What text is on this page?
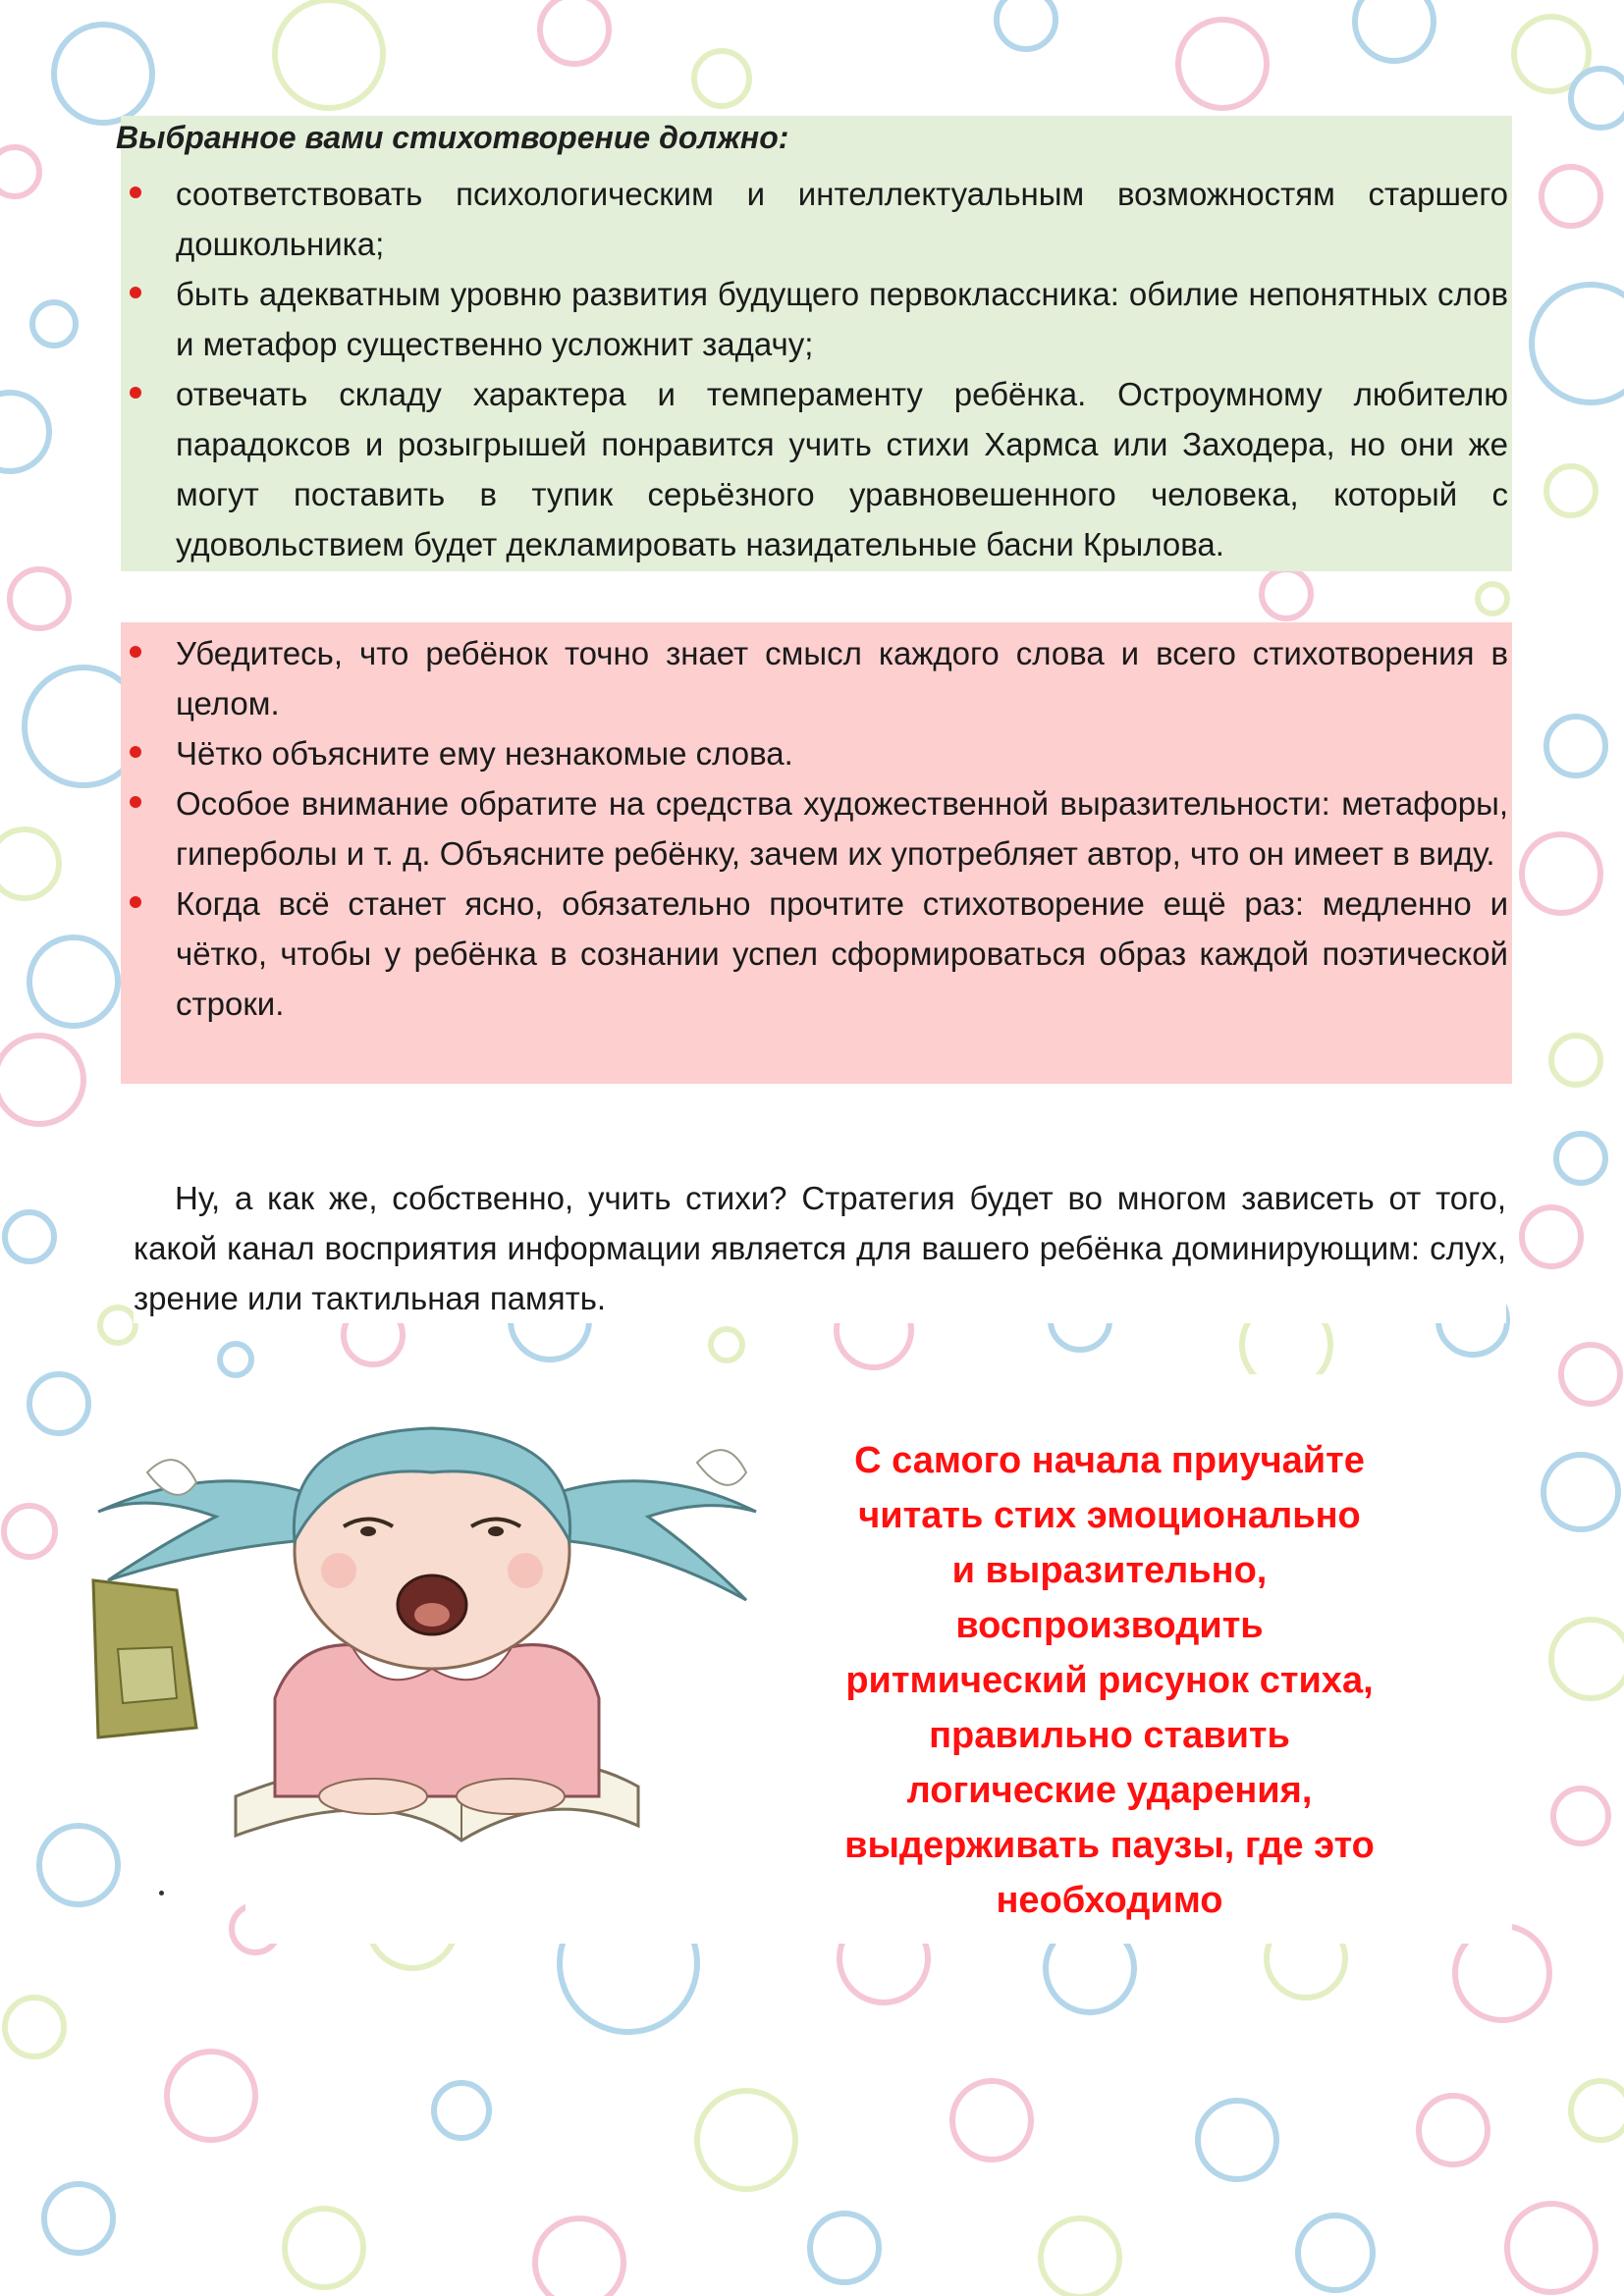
Выбранное вами стихотворение должно:
соответствовать психологическим и интеллектуальным возможностям старшего дошкольника;
быть адекватным уровню развития будущего первоклассника: обилие непонятных слов и метафор существенно усложнит задачу;
отвечать складу характера и темпераменту ребёнка. Остроумному любителю парадоксов и розыгрышей понравится учить стихи Хармса или Заходера, но они же могут поставить в тупик серьёзного уравновешенного человека, который с удовольствием будет декламировать назидательные басни Крылова.
Убедитесь, что ребёнок точно знает смысл каждого слова и всего стихотворения в целом.
Чётко объясните ему незнакомые слова.
Особое внимание обратите на средства художественной выразительности: метафоры, гиперболы и т. д. Объясните ребёнку, зачем их употребляет автор, что он имеет в виду.
Когда всё станет ясно, обязательно прочтите стихотворение ещё раз: медленно и чётко, чтобы у ребёнка в сознании успел сформироваться образ каждой поэтической строки.

Ну, а как же, собственно, учить стихи? Стратегия будет во многом зависеть от того, какой канал восприятия информации является для вашего ребёнка доминирующим: слух, зрение или тактильная память.

С самого начала приучайте
читать стих эмоционально
и выразительно,
воспроизводить
ритмический рисунок стиха,
правильно ставить
логические ударения,
выдерживать паузы, где это
необходимо
